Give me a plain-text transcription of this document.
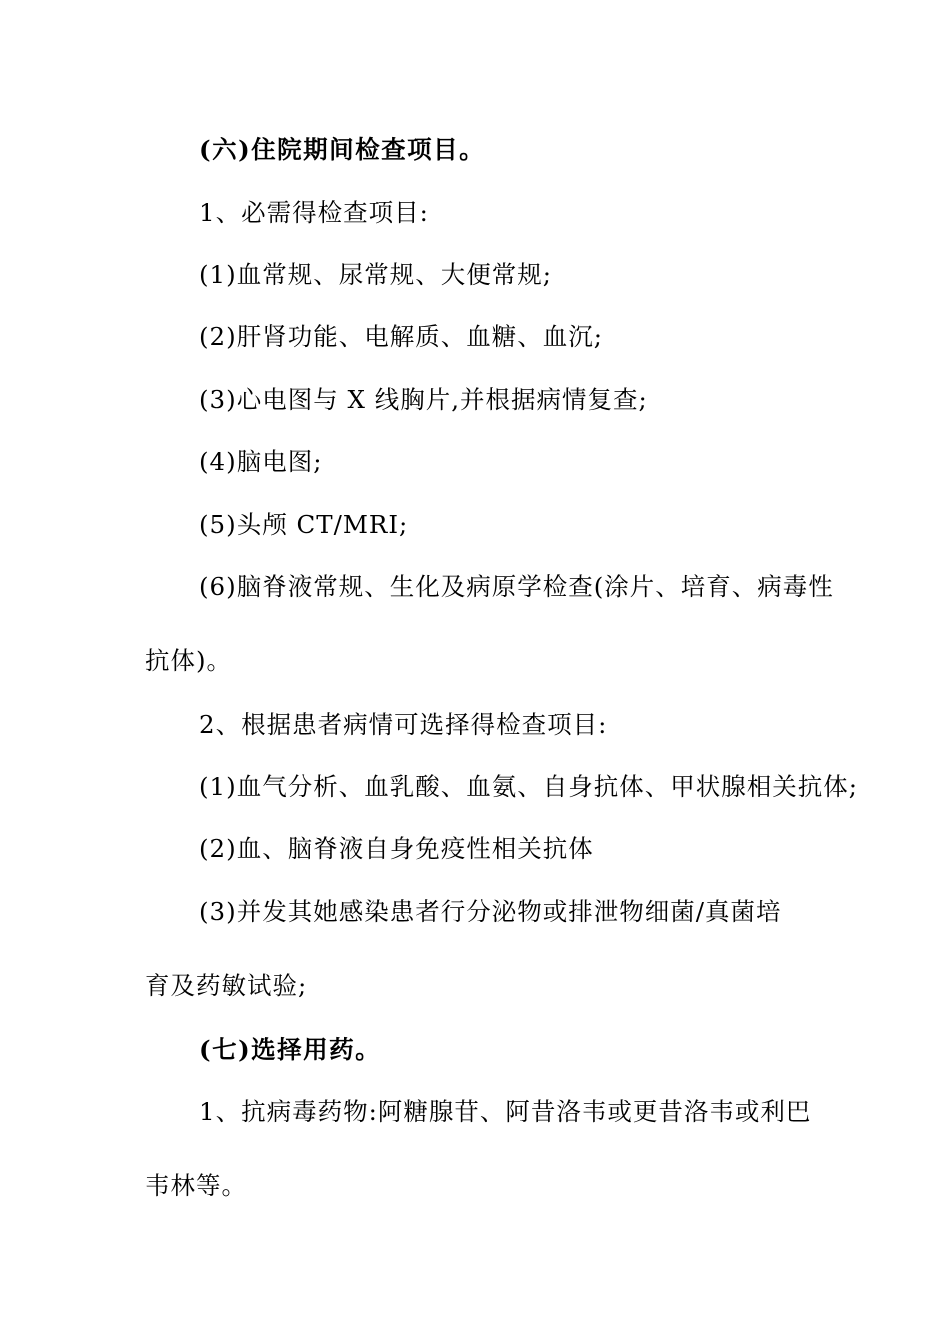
(六)住院期间检查项目。
1、必需得检查项目:
(1)血常规、尿常规、大便常规;
(2)肝肾功能、电解质、血糖、血沉;
(3)心电图与 X 线胸片,并根据病情复查;
(4)脑电图;
(5)头颅 CT/MRI;
(6)脑脊液常规、生化及病原学检查(涂片、培育、病毒性
抗体)。
2、根据患者病情可选择得检查项目:
(1)血气分析、血乳酸、血氨、自身抗体、甲状腺相关抗体;
(2)血、脑脊液自身免疫性相关抗体
(3)并发其她感染患者行分泌物或排泄物细菌/真菌培
育及药敏试验;
(七)选择用药。
1、抗病毒药物:阿糖腺苷、阿昔洛韦或更昔洛韦或利巴
韦林等。
